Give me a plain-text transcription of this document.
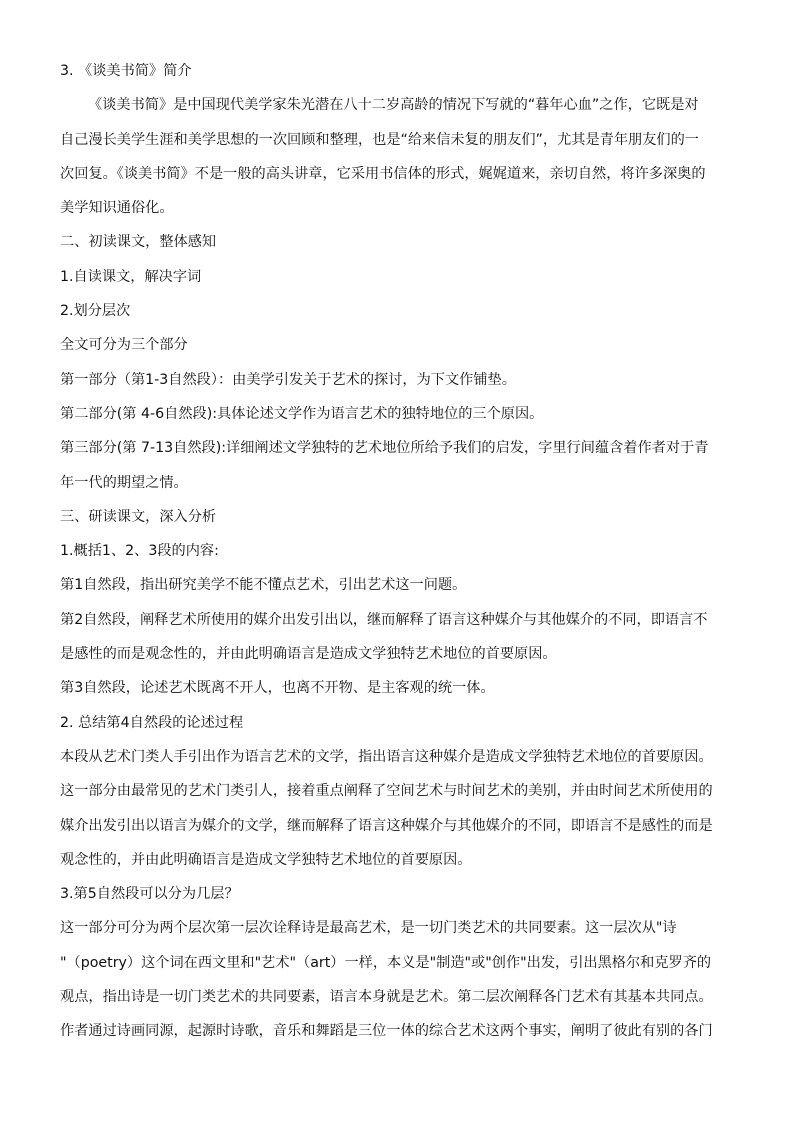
3. 《谈美书简》简介

《谈美书简》是中国现代美学家朱光潜在八十二岁高龄的情况下写就的“暮年心血”之作，它既是对

自己漫长美学生涯和美学思想的一次回顾和整理，也是“给来信未复的朋友们”，尤其是青年朋友们的一

次回复。《谈美书简》不是一般的高头讲章，它采用书信体的形式，娓娓道来，亲切自然，将许多深奥的

美学知识通俗化。

二、初读课文，整体感知

1.自读课文，解决字词

2.划分层次

全文可分为三个部分

第一部分（第1-3自然段）：由美学引发关于艺术的探讨，为下文作铺垫。

第二部分(第 4-6自然段):具体论述文学作为语言艺术的独特地位的三个原因。

第三部分(第 7-13自然段):详细阐述文学独特的艺术地位所给予我们的启发，字里行间蕴含着作者对于青

年一代的期望之情。

三、研读课文，深入分析

1.概括1、2、3段的内容:

第1自然段，指出研究美学不能不懂点艺术，引出艺术这一问题。

第2自然段，阐释艺术所使用的媒介出发引出以，继而解释了语言这种媒介与其他媒介的不同，即语言不

是感性的而是观念性的，并由此明确语言是造成文学独特艺术地位的首要原因。

第3自然段，论述艺术既离不开人，也离不开物、是主客观的统一体。

2. 总结第4自然段的论述过程

本段从艺术门类人手引出作为语言艺术的文学，指出语言这种媒介是造成文学独特艺术地位的首要原因。

这一部分由最常见的艺术门类引人，接着重点阐释了空间艺术与时间艺术的美别，并由时间艺术所使用的

媒介出发引出以语言为媒介的文学，继而解释了语言这种媒介与其他媒介的不同，即语言不是感性的而是

观念性的，并由此明确语言是造成文学独特艺术地位的首要原因。

3.第5自然段可以分为几层？

这一部分可分为两个层次第一层次诠释诗是最高艺术，是一切门类艺术的共同要素。这一层次从"诗

"（poetry）这个词在西文里和"艺术"（art）一样，本义是"制造"或"创作"出发，引出黑格尔和克罗齐的

观点，指出诗是一切门类艺术的共同要素，语言本身就是艺术。第二层次阐释各门艺术有其基本共同点。

作者通过诗画同源，起源时诗歌，音乐和舞蹈是三位一体的综合艺术这两个事实，阐明了彼此有别的各门
